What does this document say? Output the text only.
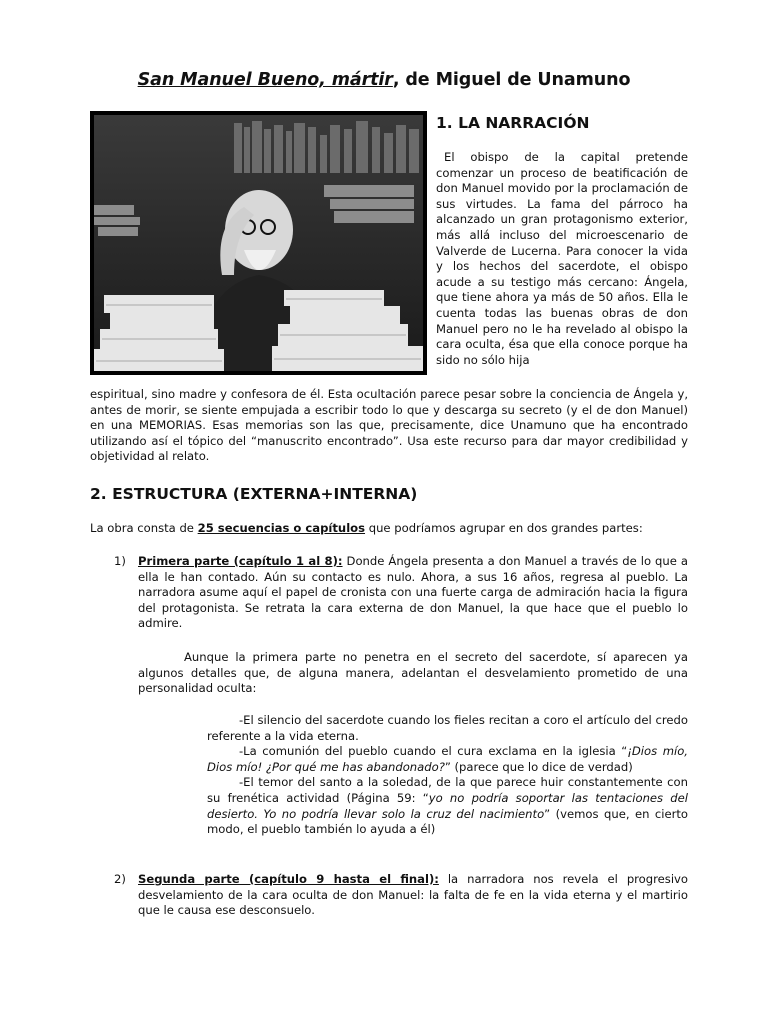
San Manuel Bueno, mártir, de Miguel de Unamuno
1. LA NARRACIÓN
El obispo de la capital pretende comenzar un proceso de beatificación de don Manuel movido por la proclamación de sus virtudes. La fama del párroco ha alcanzado un gran protagonismo exterior, más allá incluso del microescenario de Valverde de Lucerna. Para conocer la vida y los hechos del sacerdote, el obispo acude a su testigo más cercano: Ángela, que tiene ahora ya más de 50 años. Ella le cuenta todas las buenas obras de don Manuel pero no le ha revelado al obispo la cara oculta, ésa que ella conoce porque ha sido no sólo hija
espiritual, sino madre y confesora de él. Esta ocultación parece pesar sobre la conciencia de Ángela y, antes de morir, se siente empujada a escribir todo lo que y descarga su secreto (y el de don Manuel) en una MEMORIAS. Esas memorias son las que, precisamente, dice Unamuno que ha encontrado utilizando así el tópico del “manuscrito encontrado”. Usa este recurso para dar mayor credibilidad y objetividad al relato.
2. ESTRUCTURA (EXTERNA+INTERNA)
La obra consta de 25 secuencias o capítulos que podríamos agrupar en dos grandes partes:
1) Primera parte (capítulo 1 al 8): Donde Ángela presenta a don Manuel a través de lo que a ella le han contado. Aún su contacto es nulo. Ahora, a sus 16 años, regresa al pueblo. La narradora asume aquí el papel de cronista con una fuerte carga de admiración hacia la figura del protagonista. Se retrata la cara externa de don Manuel, la que hace que el pueblo lo admire.
Aunque la primera parte no penetra en el secreto del sacerdote, sí aparecen ya algunos detalles que, de alguna manera, adelantan el desvelamiento prometido de una personalidad oculta:
-El silencio del sacerdote cuando los fieles recitan a coro el artículo del credo referente a la vida eterna.
-La comunión del pueblo cuando el cura exclama en la iglesia “¡Dios mío, Dios mío! ¿Por qué me has abandonado?” (parece que lo dice de verdad)
-El temor del santo a la soledad, de la que parece huir constantemente con su frenética actividad (Página 59: “yo no podría soportar las tentaciones del desierto. Yo no podría llevar solo la cruz del nacimiento” (vemos que, en cierto modo, el pueblo también lo ayuda a él)
2) Segunda parte (capítulo 9 hasta el final): la narradora nos revela el progresivo desvelamiento de la cara oculta de don Manuel: la falta de fe en la vida eterna y el martirio que le causa ese desconsuelo.
